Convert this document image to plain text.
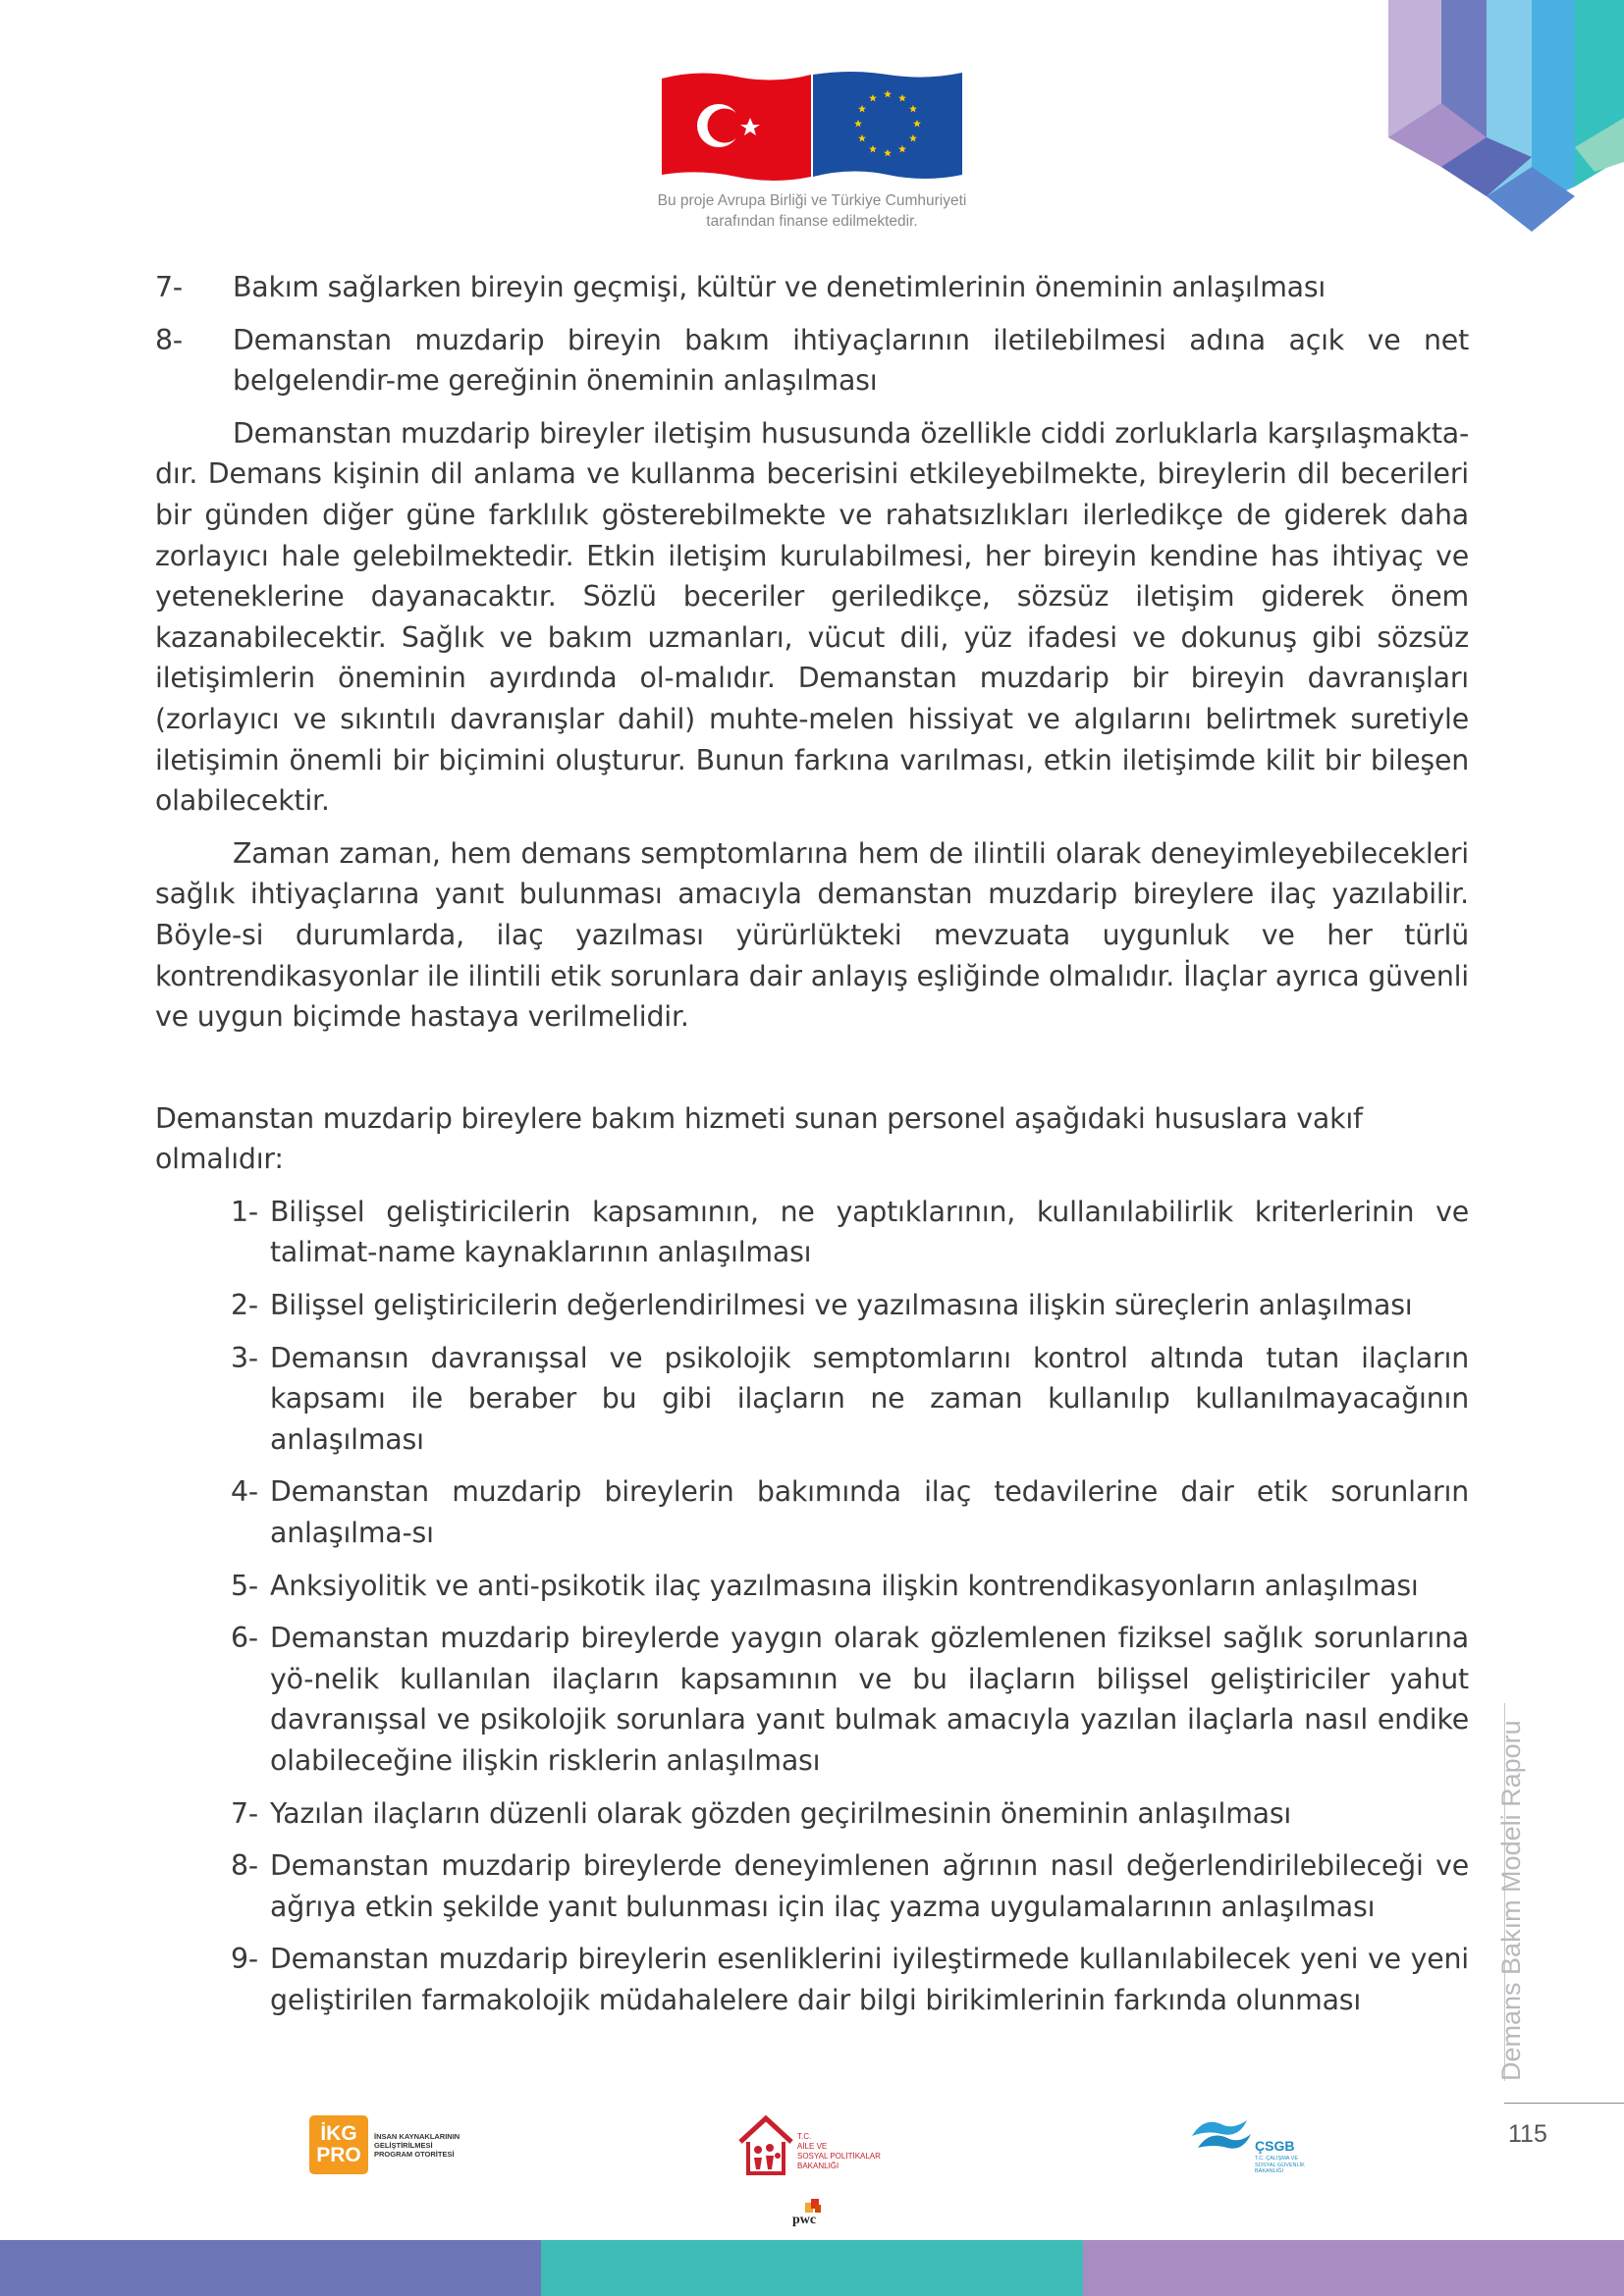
Bu proje Avrupa Birliği ve Türkiye Cumhuriyeti
tarafından finanse edilmektedir.
7-	Bakım sağlarken bireyin geçmişi, kültür ve denetimlerinin öneminin anlaşılması
8-	Demanstan muzdarip bireyin bakım ihtiyaçlarının iletilebilmesi adına açık ve net belgelendir-me gereğinin öneminin anlaşılması

Demanstan muzdarip bireyler iletişim hususunda özellikle ciddi zorluklarla karşılaşmakta-dır. Demans kişinin dil anlama ve kullanma becerisini etkileyebilmekte, bireylerin dil becerileri bir günden diğer güne farklılık gösterebilmekte ve rahatsızlıkları ilerledikçe de giderek daha zorlayıcı hale gelebilmektedir. Etkin iletişim kurulabilmesi, her bireyin kendine has ihtiyaç ve yeteneklerine dayanacaktır. Sözlü beceriler geriledikçe, sözsüz iletişim giderek önem kazanabilecektir. Sağlık ve bakım uzmanları, vücut dili, yüz ifadesi ve dokunuş gibi sözsüz iletişimlerin öneminin ayırdında ol-malıdır. Demanstan muzdarip bir bireyin davranışları (zorlayıcı ve sıkıntılı davranışlar dahil) muhte-melen hissiyat ve algılarını belirtmek suretiyle iletişimin önemli bir biçimini oluşturur. Bunun farkına varılması, etkin iletişimde kilit bir bileşen olabilecektir.

Zaman zaman, hem demans semptomlarına hem de ilintili olarak deneyimleyebilecekleri sağlık ihtiyaçlarına yanıt bulunması amacıyla demanstan muzdarip bireylere ilaç yazılabilir. Böyle-si durumlarda, ilaç yazılması yürürlükteki mevzuata uygunluk ve her türlü kontrendikasyonlar ile ilintili etik sorunlara dair anlayış eşliğinde olmalıdır. İlaçlar ayrıca güvenli ve uygun biçimde hastaya verilmelidir.

Demanstan muzdarip bireylere bakım hizmeti sunan personel aşağıdaki hususlara vakıf olmalıdır:

1- Bilişsel geliştiricilerin kapsamının, ne yaptıklarının, kullanılabilirlik kriterlerinin ve talimat-name kaynaklarının anlaşılması
2- Bilişsel geliştiricilerin değerlendirilmesi ve yazılmasına ilişkin süreçlerin anlaşılması
3- Demansın davranışsal ve psikolojik semptomlarını kontrol altında tutan ilaçların kapsamı ile beraber bu gibi ilaçların ne zaman kullanılıp kullanılmayacağının anlaşılması
4- Demanstan muzdarip bireylerin bakımında ilaç tedavilerine dair etik sorunların anlaşılma-sı
5- Anksiyolitik ve anti-psikotik ilaç yazılmasına ilişkin kontrendikasyonların anlaşılması
6- Demanstan muzdarip bireylerde yaygın olarak gözlemlenen fiziksel sağlık sorunlarına yö-nelik kullanılan ilaçların kapsamının ve bu ilaçların bilişsel geliştiriciler yahut davranışsal ve psikolojik sorunlara yanıt bulmak amacıyla yazılan ilaçlarla nasıl endike olabileceğine ilişkin risklerin anlaşılması
7- Yazılan ilaçların düzenli olarak gözden geçirilmesinin öneminin anlaşılması
8- Demanstan muzdarip bireylerde deneyimlenen ağrının nasıl değerlendirilebileceği ve ağrıya etkin şekilde yanıt bulunması için ilaç yazma uygulamalarının anlaşılması
9- Demanstan muzdarip bireylerin esenliklerini iyileştirmede kullanılabilecek yeni ve yeni geliştirilen farmakolojik müdahalelere dair bilgi birikimlerinin farkında olunması	Demans Bakım Modeli Raporu
115
İKG
PRO
İNSAN KAYNAKLARININ
GELİŞTİRİLMESİ
PROGRAM OTORİTESİ
T.C.
AİLE VE
SOSYAL POLİTİKALAR
BAKANLIĞI
pwc
ÇSGB
T.C. ÇALIŞMA VE
SOSYAL GÜVENLİK
BAKANLIĞI
